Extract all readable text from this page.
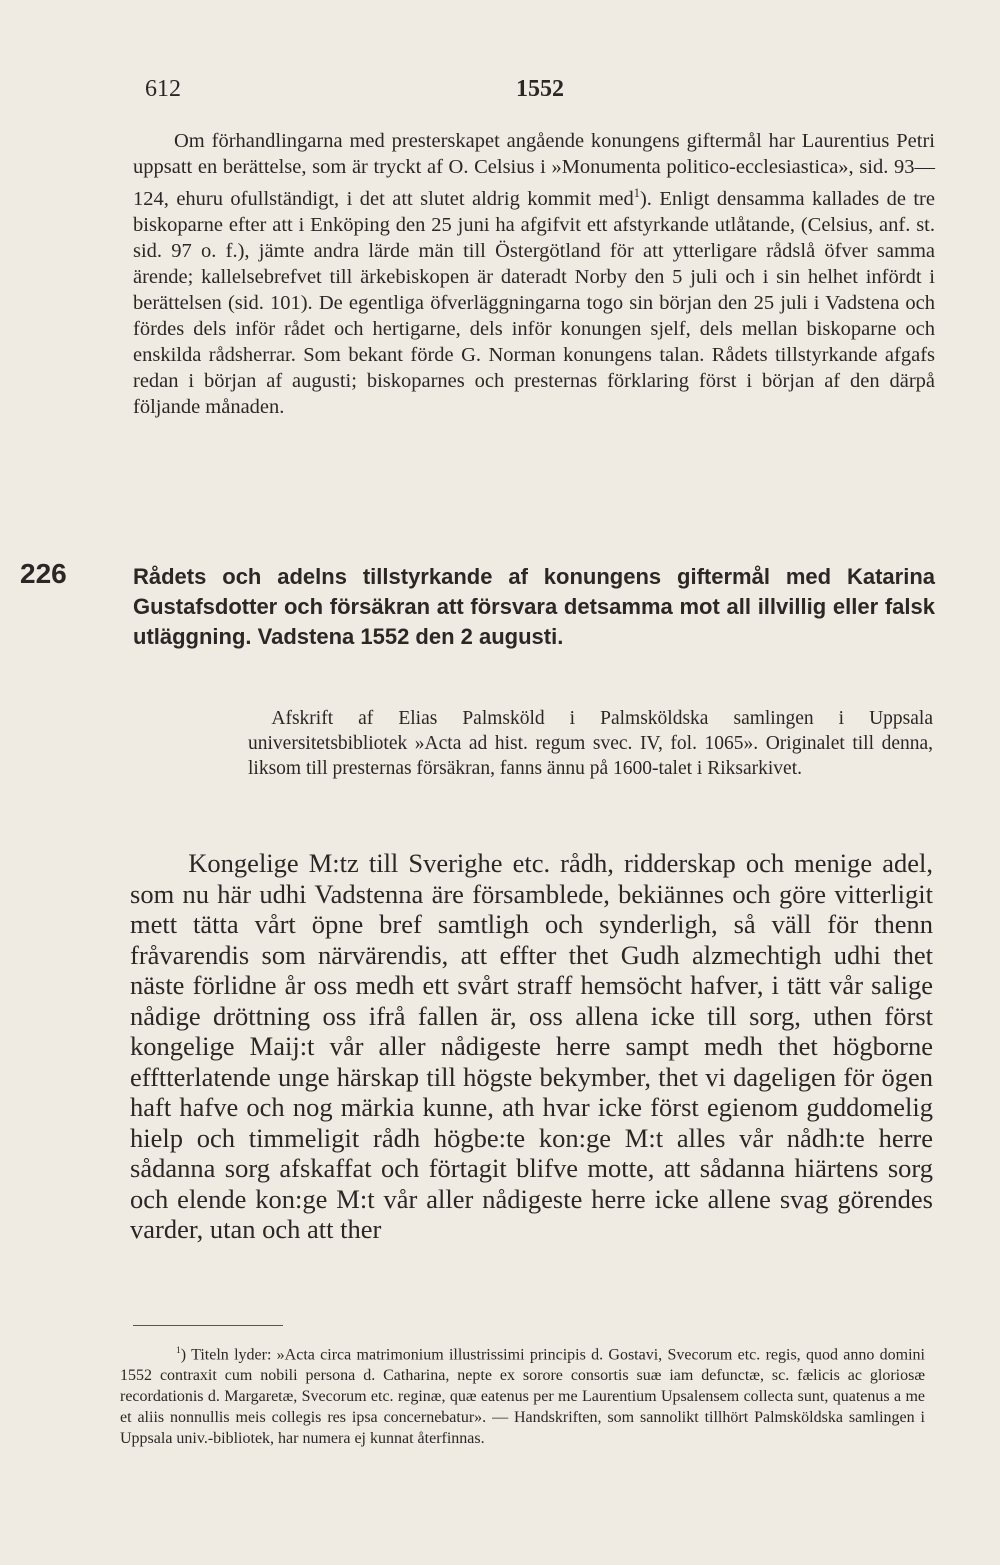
612	1552

Om förhandlingarna med presterskapet angående konungens giftermål har Laurentius Petri uppsatt en berättelse, som är tryckt af O. Celsius i »Monumenta politico-ecclesiastica», sid. 93—124, ehuru ofullständigt, i det att slutet aldrig kommit med$^1$). Enligt densamma kallades de tre biskoparne efter att i Enköping den 25 juni ha afgifvit ett afstyrkande utlåtande, (Celsius, anf. st. sid. 97 o. f.), jämte andra lärde män till Östergötland för att ytterligare rådslå öfver samma ärende; kallelsebrefvet till ärkebiskopen är dateradt Norby den 5 juli och i sin helhet infördt i berättelsen (sid. 101). De egentliga öfverläggningarna togo sin början den 25 juli i Vadstena och fördes dels inför rådet och hertigarne, dels inför konungen sjelf, dels mellan biskoparne och enskilda rådsherrar. Som bekant förde G. Norman konungens talan. Rådets tillstyrkande afgafs redan i början af augusti; biskoparnes och presternas förklaring först i början af den därpå följande månaden.

226	Rådets och adelns tillstyrkande af konungens giftermål med Katarina Gustafsdotter och försäkran att försvara detsamma mot all illvillig eller falsk utläggning. Vadstena 1552 den 2 augusti.

Afskrift af Elias Palmsköld i Palmsköldska samlingen i Uppsala universitetsbibliotek »Acta ad hist. regum svec. IV, fol. 1065». Originalet till denna, liksom till presternas försäkran, fanns ännu på 1600-talet i Riksarkivet.

Kongelige M:tz till Sverighe etc. rådh, ridderskap och menige adel, som nu här udhi Vadstenna äre församblede, bekiännes och göre vitterligit mett tätta vårt öpne bref samtligh och synderligh, så väll för thenn fråvarendis som närvärendis, att effter thet Gudh alzmechtigh udhi thet näste förlidne år oss medh ett svårt straff hemsöcht hafver, i tätt vår salige nådige dröttning oss ifrå fallen är, oss allena icke till sorg, uthen först kongelige Maij:t vår aller nådigeste herre sampt medh thet högborne efftterlatende unge härskap till högste bekymber, thet vi dageligen för ögen haft hafve och nog märkia kunne, ath hvar icke först egienom guddomelig hielp och timmeligit rådh högbe:te kon:ge M:t alles vår nådh:te herre sådanna sorg afskaffat och förtagit blifve motte, att sådanna hiärtens sorg och elende kon:ge M:t vår aller nådigeste herre icke allene svag görendes varder, utan och att ther

$^1$) Titeln lyder: »Acta circa matrimonium illustrissimi principis d. Gostavi, Svecorum etc. regis, quod anno domini 1552 contraxit cum nobili persona d. Catharina, nepte ex sorore consortis suæ iam defunctæ, sc. fælicis ac gloriosæ recordationis d. Margaretæ, Svecorum etc. reginæ, quæ eatenus per me Laurentium Upsalensem collecta sunt, quatenus a me et aliis nonnullis meis collegis res ipsa concernebatur». — Handskriften, som sannolikt tillhört Palmsköldska samlingen i Uppsala univ.-bibliotek, har numera ej kunnat återfinnas.
